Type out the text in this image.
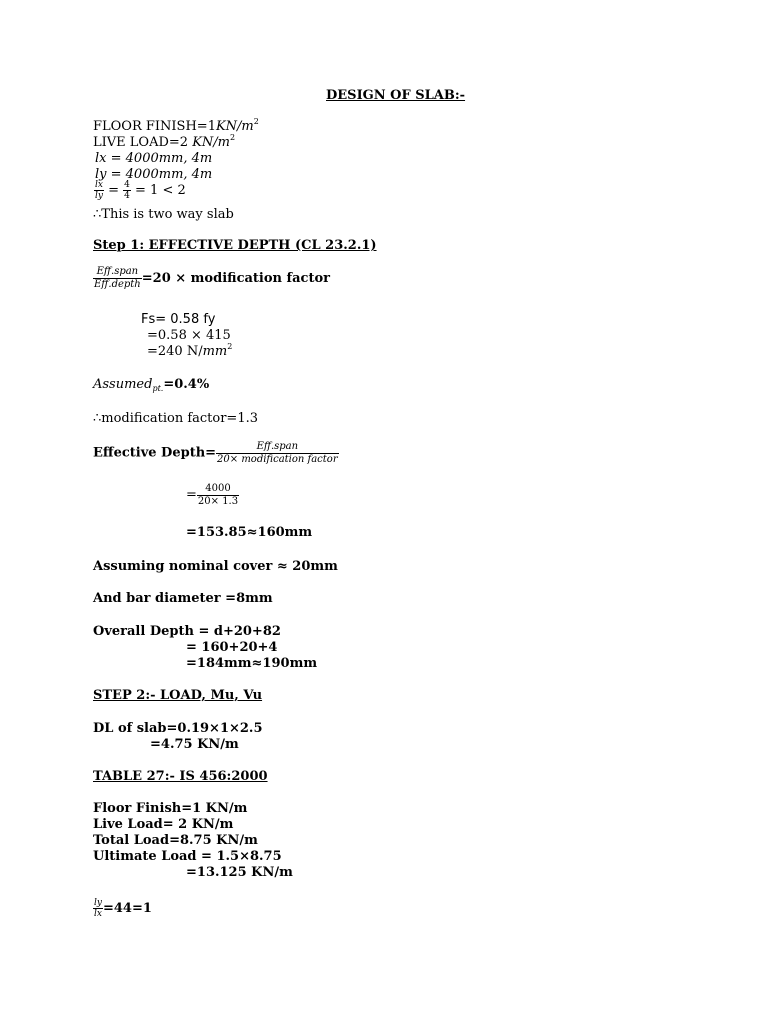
DESIGN OF SLAB:-
FLOOR $FINISH=1KN/m^2$
LIVE LOAD=2 $KN/m^2$
lx = 4000mm, 4m
ly = 4000mm, 4m
$\frac{lx}{ly} = \frac{4}{4} = 1 < 2$
∴This is two way slab
Step 1: EFFECTIVE DEPTH (CL 23.2.1)
$\frac{\text{Eff.span}}{\text{Eff.depth}} =20$ × modification factor
Fs= 0.58 fy
=0.58 × 415
=240 $N/mm^2$
Assumed$_{pt.}$=0.4%
∴modification factor=1.3
Effective Depth= $\frac{\text{Eff.span}}{\text{20× modification factor}}$
= $\frac{4000}{20\times 1.3}$
=153.85≈160mm
Assuming nominal cover ≈ 20mm
And bar diameter =8mm
Overall Depth = d+20+82
= 160+20+4
=184mm≈190mm
STEP 2:- LOAD, Mu, Vu
DL of slab=0.19×1×2.5
=4.75 KN/m
TABLE 27:- IS 456:2000
Floor Finish=1 KN/m
Live Load= 2 KN/m
Total Load=8.75 KN/m
Ultimate Load = 1.5×8.75
=13.125 KN/m
$\frac{ly}{lx} =44=1$
